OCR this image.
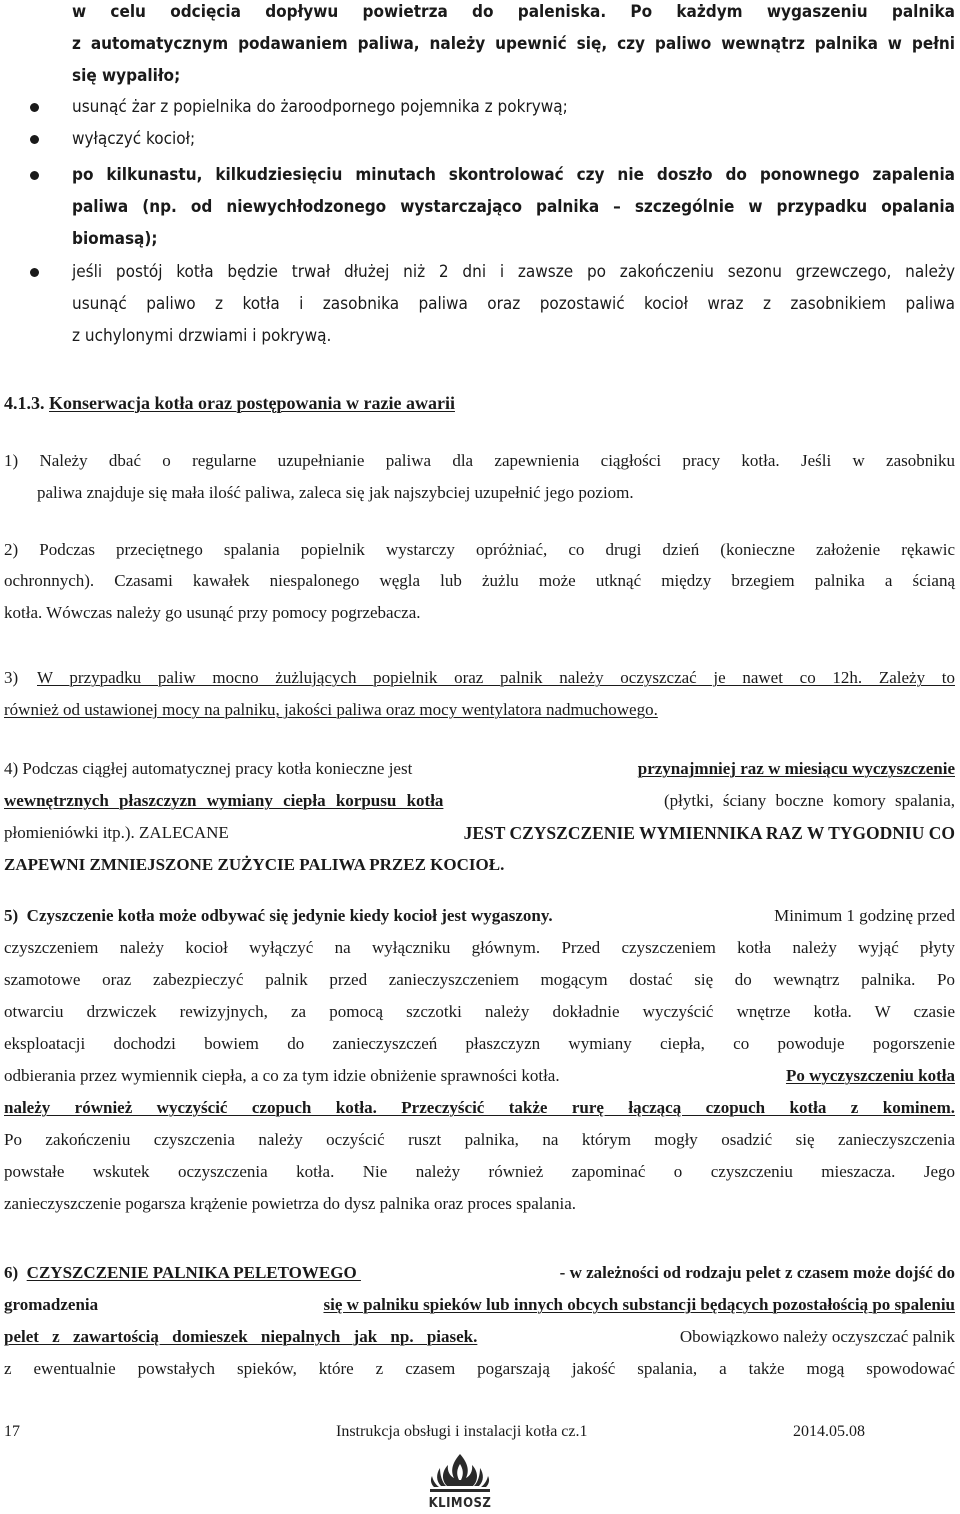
w celu odcięcia dopływu powietrza do paleniska. Po każdym wygaszeniu palnika
z automatycznym podawaniem paliwa, należy upewnić się, czy paliwo wewnątrz palnika w pełni
się wypaliło;
usunąć żar z popielnika do żaroodpornego pojemnika z pokrywą;
wyłączyć kocioł;
po kilkunastu, kilkudziesięciu minutach skontrolować czy nie doszło do ponownego zapalenia
paliwa (np. od niewychłodzonego wystarczająco palnika – szczególnie w przypadku opalania
biomasą);
jeśli postój kotła będzie trwał dłużej niż 2 dni i zawsze po zakończeniu sezonu grzewczego, należy
usunąć paliwo z kotła i zasobnika paliwa oraz pozostawić kocioł wraz z zasobnikiem paliwa
z uchylonymi drzwiami i pokrywą.
4.1.3. Konserwacja kotła oraz postępowania w razie awarii
1) Należy dbać o regularne uzupełnianie paliwa dla zapewnienia ciągłości pracy kotła. Jeśli w zasobniku
paliwa znajduje się mała ilość paliwa, zaleca się jak najszybciej uzupełnić jego poziom.
2) Podczas przeciętnego spalania popielnik wystarczy opróżniać, co drugi dzień (konieczne założenie rękawic
ochronnych). Czasami kawałek niespalonego węgla lub żużlu może utknąć między brzegiem palnika a ścianą
kotła. Wówczas należy go usunąć przy pomocy pogrzebacza.
3) W przypadku paliw mocno żużlujących popielnik oraz palnik należy oczyszczać je nawet co 12h. Zależy to
również od ustawionej mocy na palniku, jakości paliwa oraz mocy wentylatora nadmuchowego.
4) Podczas ciągłej automatycznej pracy kotła konieczne jest	przynajmniej raz w miesiącu wyczyszczenie
wewnętrznych płaszczyzn wymiany ciepła korpusu kotła	(płytki, ściany boczne komory spalania,
płomieniówki itp.). ZALECANE	JEST CZYSZCZENIE WYMIENNIKA RAZ W TYGODNIU CO
ZAPEWNI ZMNIEJSZONE ZUŻYCIE PALIWA PRZEZ KOCIOŁ.
5)  Czyszczenie kotła może odbywać się jedynie kiedy kocioł jest wygaszony.	Minimum 1 godzinę przed
czyszczeniem należy kocioł wyłączyć na wyłączniku głównym. Przed czyszczeniem kotła należy wyjąć płyty
szamotowe oraz zabezpieczyć palnik przed zanieczyszczeniem mogącym dostać się do wewnątrz palnika. Po
otwarciu drzwiczek rewizyjnych, za pomocą szczotki należy dokładnie wyczyścić wnętrze kotła. W czasie
eksploatacji dochodzi bowiem do zanieczyszczeń płaszczyzn wymiany ciepła, co powoduje pogorszenie
odbierania przez wymiennik ciepła, a co za tym idzie obniżenie sprawności kotła.	Po wyczyszczeniu kotła
należy również wyczyścić czopuch kotła. Przeczyścić także rurę łączącą czopuch kotła z kominem.
Po zakończeniu czyszczenia należy oczyścić ruszt palnika, na którym mogły osadzić się zanieczyszczenia
powstałe wskutek oczyszczenia kotła. Nie należy również zapominać o czyszczeniu mieszacza. Jego
zanieczyszczenie pogarsza krążenie powietrza do dysz palnika oraz proces spalania.
6)  CZYSZCZENIE PALNIKA PELETOWEGO	- w zależności od rodzaju pelet z czasem może dojść do
gromadzenia	się w palniku spieków lub innych obcych substancji będących pozostałością po spaleniu
pelet z zawartością domieszek niepalnych jak np. piasek.	Obowiązkowo należy oczyszczać palnik
z ewentualnie powstałych spieków, które z czasem pogarszają jakość spalania, a także mogą spowodować
17	Instrukcja obsługi i instalacji kotła cz.1	2014.05.08
KLIMOSZ
